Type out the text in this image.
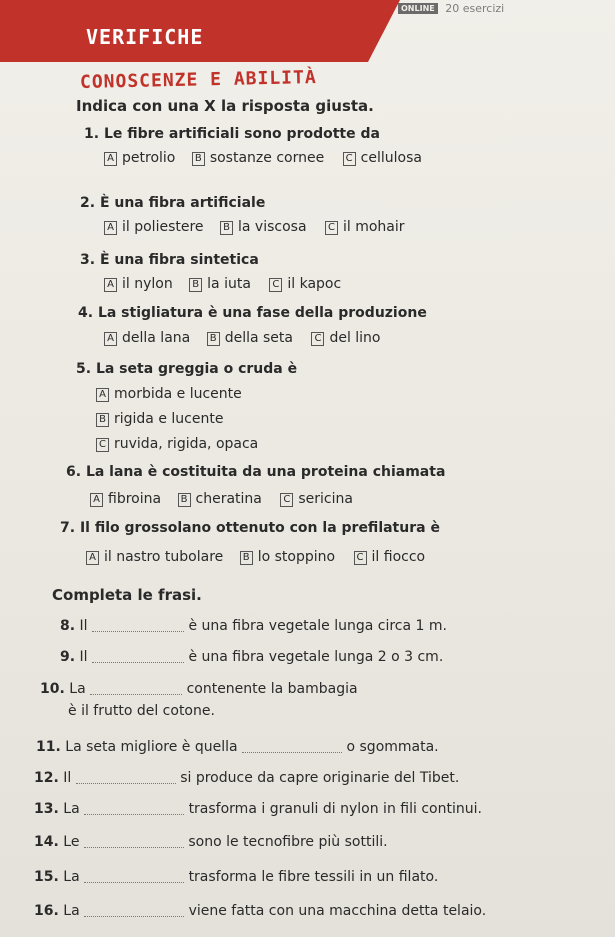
VERIFICHE
ONLINE 20 esercizi
CONOSCENZE E ABILITÀ
Indica con una X la risposta giusta.
1. Le fibre artificiali sono prodotte da
A petrolio B sostanze cornee C cellulosa
2. È una fibra artificiale
A il poliestere B la viscosa C il mohair
3. È una fibra sintetica
A il nylon B la iuta C il kapoc
4. La stigliatura è una fase della produzione
A della lana B della seta C del lino
5. La seta greggia o cruda è
A morbida e lucente
B rigida e lucente
C ruvida, rigida, opaca
6. La lana è costituita da una proteina chiamata
A fibroina B cheratina C sericina
7. Il filo grossolano ottenuto con la prefilatura è
A il nastro tubolare B lo stoppino C il fiocco
Completa le frasi.
8. Il	è una fibra vegetale lunga circa 1 m.
9. Il	è una fibra vegetale lunga 2 o 3 cm.
10. La	contenente la bambagia
è il frutto del cotone.
11. La seta migliore è quella	o sgommata.
12. Il	si produce da capre originarie del Tibet.
13. La	trasforma i granuli di nylon in fili continui.
14. Le	sono le tecnofibre più sottili.
15. La	trasforma le fibre tessili in un filato.
16. La	viene fatta con una macchina detta telaio.
